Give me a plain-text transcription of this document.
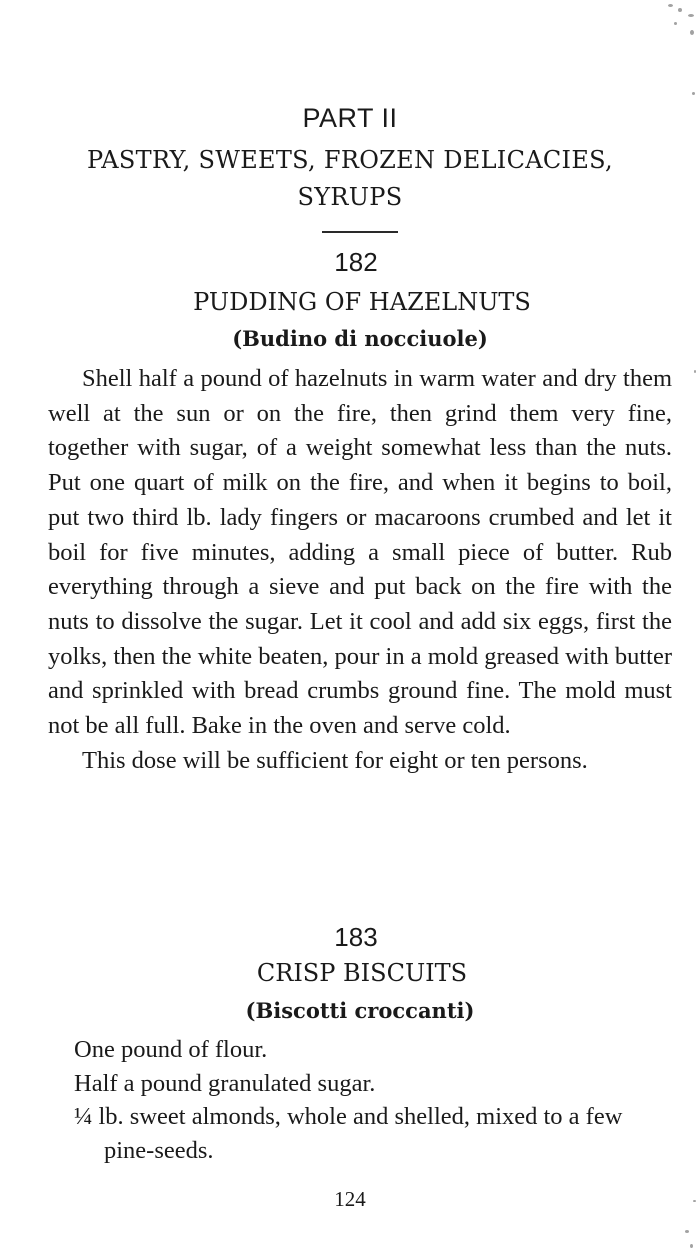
PART II
PASTRY, SWEETS, FROZEN DELICACIES,
SYRUPS
182
PUDDING OF HAZELNUTS
(Budino di nocciuole)

Shell half a pound of hazelnuts in warm water and dry them well at the sun or on the fire, then grind them very fine, together with sugar, of a weight somewhat less than the nuts. Put one quart of milk on the fire, and when it begins to boil, put two third lb. lady fingers or macaroons crumbed and let it boil for five minutes, adding a small piece of butter. Rub everything through a sieve and put back on the fire with the nuts to dissolve the sugar. Let it cool and add six eggs, first the yolks, then the white beaten, pour in a mold greased with butter and sprinkled with bread crumbs ground fine. The mold must not be all full. Bake in the oven and serve cold.

This dose will be sufficient for eight or ten persons.

183
CRISP BISCUITS
(Biscotti croccanti)
One pound of flour.
Half a pound granulated sugar.
¼ lb. sweet almonds, whole and shelled, mixed to a few pine-seeds.
124
